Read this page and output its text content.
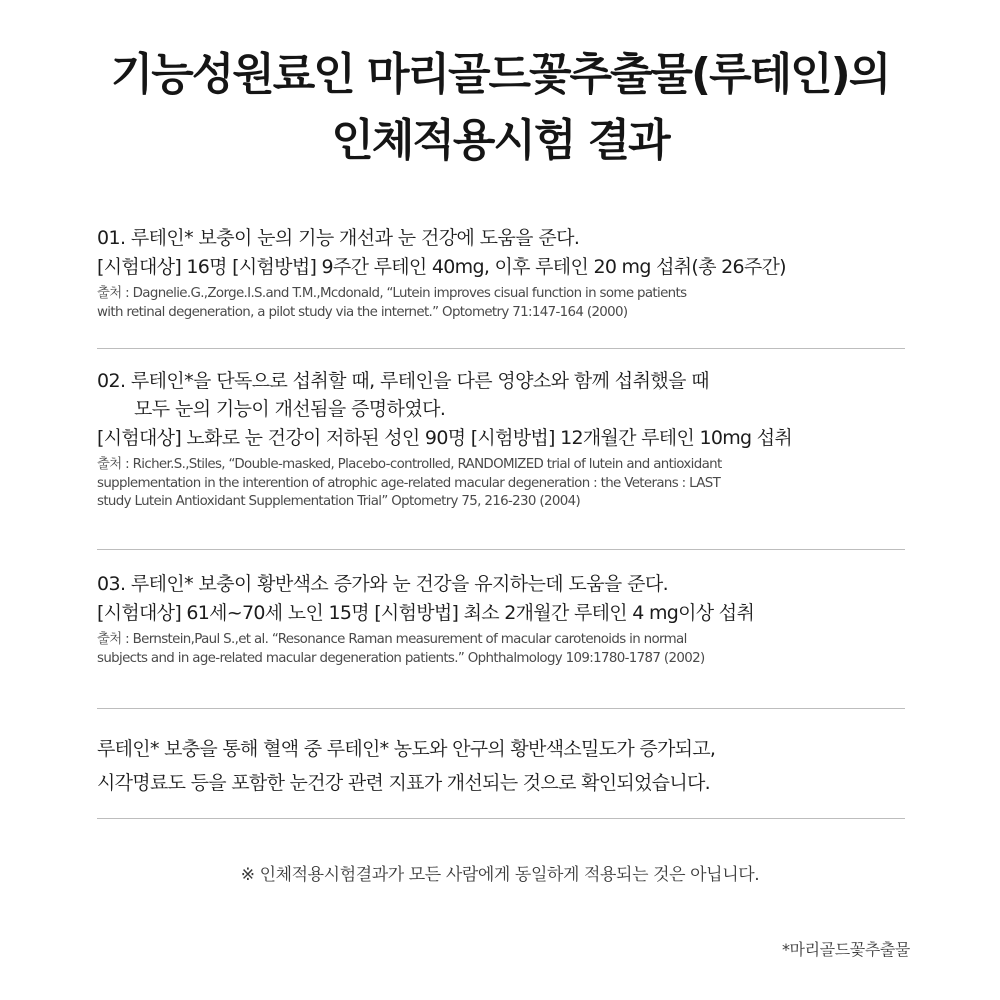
기능성원료인 마리골드꽃추출물(루테인)의
인체적용시험 결과
01. 루테인* 보충이 눈의 기능 개선과 눈 건강에 도움을 준다.
[시험대상] 16명 [시험방법] 9주간 루테인 40mg, 이후 루테인 20 mg 섭취(총 26주간)
출처 : Dagnelie.G.,Zorge.I.S.and T.M.,Mcdonald, “Lutein improves cisual function in some patients
with retinal degeneration, a pilot study via the internet.” Optometry 71:147-164 (2000)
02. 루테인*을 단독으로 섭취할 때, 루테인을 다른 영양소와 함께 섭취했을 때
모두 눈의 기능이 개선됨을 증명하였다.
[시험대상] 노화로 눈 건강이 저하된 성인 90명 [시험방법] 12개월간 루테인 10mg 섭취
출처 : Richer.S.,Stiles, “Double-masked, Placebo-controlled, RANDOMIZED trial of lutein and antioxidant
supplementation in the interention of atrophic age-related macular degeneration : the Veterans : LAST
study Lutein Antioxidant Supplementation Trial” Optometry 75, 216-230 (2004)
03. 루테인* 보충이 황반색소 증가와 눈 건강을 유지하는데 도움을 준다.
[시험대상] 61세~70세 노인 15명 [시험방법] 최소 2개월간 루테인 4 mg이상 섭취
출처 : Bernstein,Paul S.,et al. “Resonance Raman measurement of macular carotenoids in normal
subjects and in age-related macular degeneration patients.” Ophthalmology 109:1780-1787 (2002)
루테인* 보충을 통해 혈액 중 루테인* 농도와 안구의 황반색소밀도가 증가되고,
시각명료도 등을 포함한 눈건강 관련 지표가 개선되는 것으로 확인되었습니다.
※ 인체적용시험결과가 모든 사람에게 동일하게 적용되는 것은 아닙니다.
*마리골드꽃추출물
